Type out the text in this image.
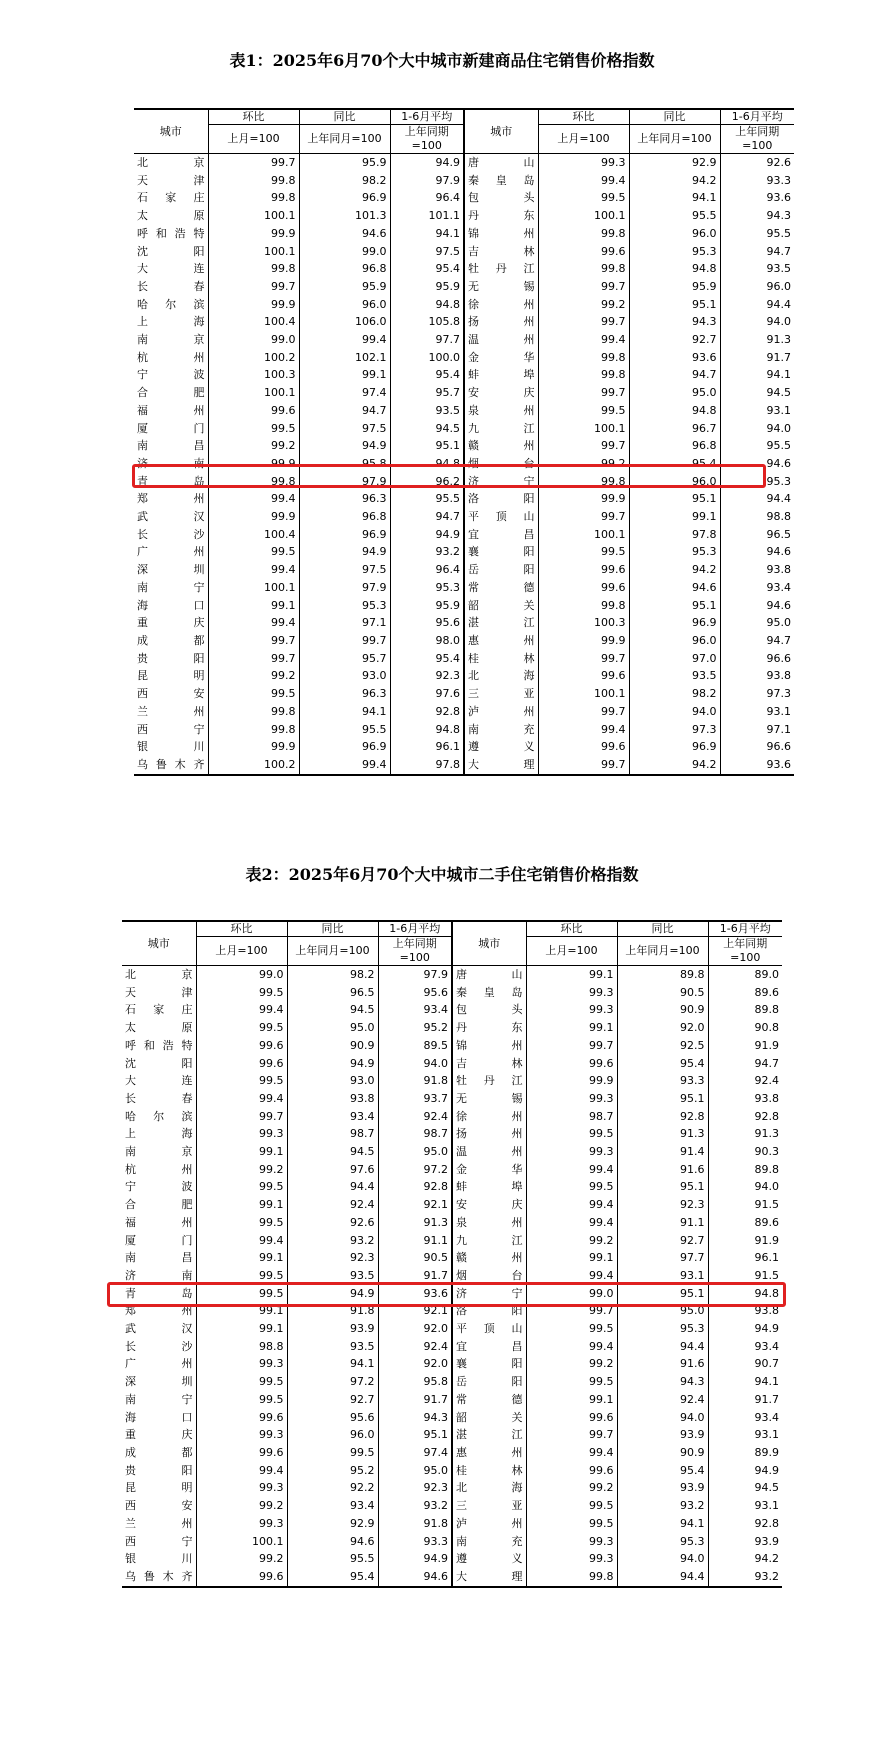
表1：2025年6月70个大中城市新建商品住宅销售价格指数
城市	环比	同比	1-6月平均	城市	环比	同比	1-6月平均
	上月=100	上年同月=100	上年同期=100		上月=100	上年同月=100	上年同期=100
北　京	99.7	95.9	94.9	唐　山	99.3	92.9	92.6
天　津	99.8	98.2	97.9	秦皇岛	99.4	94.2	93.3
石家庄	99.8	96.9	96.4	包　头	99.5	94.1	93.6
太　原	100.1	101.3	101.1	丹　东	100.1	95.5	94.3
呼和浩特	99.9	94.6	94.1	锦　州	99.8	96.0	95.5
沈　阳	100.1	99.0	97.5	吉　林	99.6	95.3	94.7
大　连	99.8	96.8	95.4	牡丹江	99.8	94.8	93.5
长　春	99.7	95.9	95.9	无　锡	99.7	95.9	96.0
哈尔滨	99.9	96.0	94.8	徐　州	99.2	95.1	94.4
上　海	100.4	106.0	105.8	扬　州	99.7	94.3	94.0
南　京	99.0	99.4	97.7	温　州	99.4	92.7	91.3
杭　州	100.2	102.1	100.0	金　华	99.8	93.6	91.7
宁　波	100.3	99.1	95.4	蚌　埠	99.8	94.7	94.1
合　肥	100.1	97.4	95.7	安　庆	99.7	95.0	94.5
福　州	99.6	94.7	93.5	泉　州	99.5	94.8	93.1
厦　门	99.5	97.5	94.5	九　江	100.1	96.7	94.0
南　昌	99.2	94.9	95.1	赣　州	99.7	96.8	95.5
济　南	99.9	95.8	94.8	烟　台	99.2	95.4	94.6
青　岛	99.8	97.9	96.2	济　宁	99.8	96.0	95.3
郑　州	99.4	96.3	95.5	洛　阳	99.9	95.1	94.4
武　汉	99.9	96.8	94.7	平顶山	99.7	99.1	98.8
长　沙	100.4	96.9	94.9	宜　昌	100.1	97.8	96.5
广　州	99.5	94.9	93.2	襄　阳	99.5	95.3	94.6
深　圳	99.4	97.5	96.4	岳　阳	99.6	94.2	93.8
南　宁	100.1	97.9	95.3	常　德	99.6	94.6	93.4
海　口	99.1	95.3	95.9	韶　关	99.8	95.1	94.6
重　庆	99.4	97.1	95.6	湛　江	100.3	96.9	95.0
成　都	99.7	99.7	98.0	惠　州	99.9	96.0	94.7
贵　阳	99.7	95.7	95.4	桂　林	99.7	97.0	96.6
昆　明	99.2	93.0	92.3	北　海	99.6	93.5	93.8
西　安	99.5	96.3	97.6	三　亚	100.1	98.2	97.3
兰　州	99.8	94.1	92.8	泸　州	99.7	94.0	93.1
西　宁	99.8	95.5	94.8	南　充	99.4	97.3	97.1
银　川	99.9	96.9	96.1	遵　义	99.6	96.9	96.6
乌鲁木齐	100.2	99.4	97.8	大　理	99.7	94.2	93.6
表2：2025年6月70个大中城市二手住宅销售价格指数
城市	环比	同比	1-6月平均	城市	环比	同比	1-6月平均
	上月=100	上年同月=100	上年同期=100		上月=100	上年同月=100	上年同期=100
北　京	99.0	98.2	97.9	唐　山	99.1	89.8	89.0
天　津	99.5	96.5	95.6	秦皇岛	99.3	90.5	89.6
石家庄	99.4	94.5	93.4	包　头	99.3	90.9	89.8
太　原	99.5	95.0	95.2	丹　东	99.1	92.0	90.8
呼和浩特	99.6	90.9	89.5	锦　州	99.7	92.5	91.9
沈　阳	99.6	94.9	94.0	吉　林	99.6	95.4	94.7
大　连	99.5	93.0	91.8	牡丹江	99.9	93.3	92.4
长　春	99.4	93.8	93.7	无　锡	99.3	95.1	93.8
哈尔滨	99.7	93.4	92.4	徐　州	98.7	92.8	92.8
上　海	99.3	98.7	98.7	扬　州	99.5	91.3	91.3
南　京	99.1	94.5	95.0	温　州	99.3	91.4	90.3
杭　州	99.2	97.6	97.2	金　华	99.4	91.6	89.8
宁　波	99.5	94.4	92.8	蚌　埠	99.5	95.1	94.0
合　肥	99.1	92.4	92.1	安　庆	99.4	92.3	91.5
福　州	99.5	92.6	91.3	泉　州	99.4	91.1	89.6
厦　门	99.4	93.2	91.1	九　江	99.2	92.7	91.9
南　昌	99.1	92.3	90.5	赣　州	99.1	97.7	96.1
济　南	99.5	93.5	91.7	烟　台	99.4	93.1	91.5
青　岛	99.5	94.9	93.6	济　宁	99.0	95.1	94.8
郑　州	99.1	91.8	92.1	洛　阳	99.7	95.0	93.8
武　汉	99.1	93.9	92.0	平顶山	99.5	95.3	94.9
长　沙	98.8	93.5	92.4	宜　昌	99.4	94.4	93.4
广　州	99.3	94.1	92.0	襄　阳	99.2	91.6	90.7
深　圳	99.5	97.2	95.8	岳　阳	99.5	94.3	94.1
南　宁	99.5	92.7	91.7	常　德	99.1	92.4	91.7
海　口	99.6	95.6	94.3	韶　关	99.6	94.0	93.4
重　庆	99.3	96.0	95.1	湛　江	99.7	93.9	93.1
成　都	99.6	99.5	97.4	惠　州	99.4	90.9	89.9
贵　阳	99.4	95.2	95.0	桂　林	99.6	95.4	94.9
昆　明	99.3	92.2	92.3	北　海	99.2	93.9	94.5
西　安	99.2	93.4	93.2	三　亚	99.5	93.2	93.1
兰　州	99.3	92.9	91.8	泸　州	99.5	94.1	92.8
西　宁	100.1	94.6	93.3	南　充	99.3	95.3	93.9
银　川	99.2	95.5	94.9	遵　义	99.3	94.0	94.2
乌鲁木齐	99.6	95.4	94.6	大　理	99.8	94.4	93.2
